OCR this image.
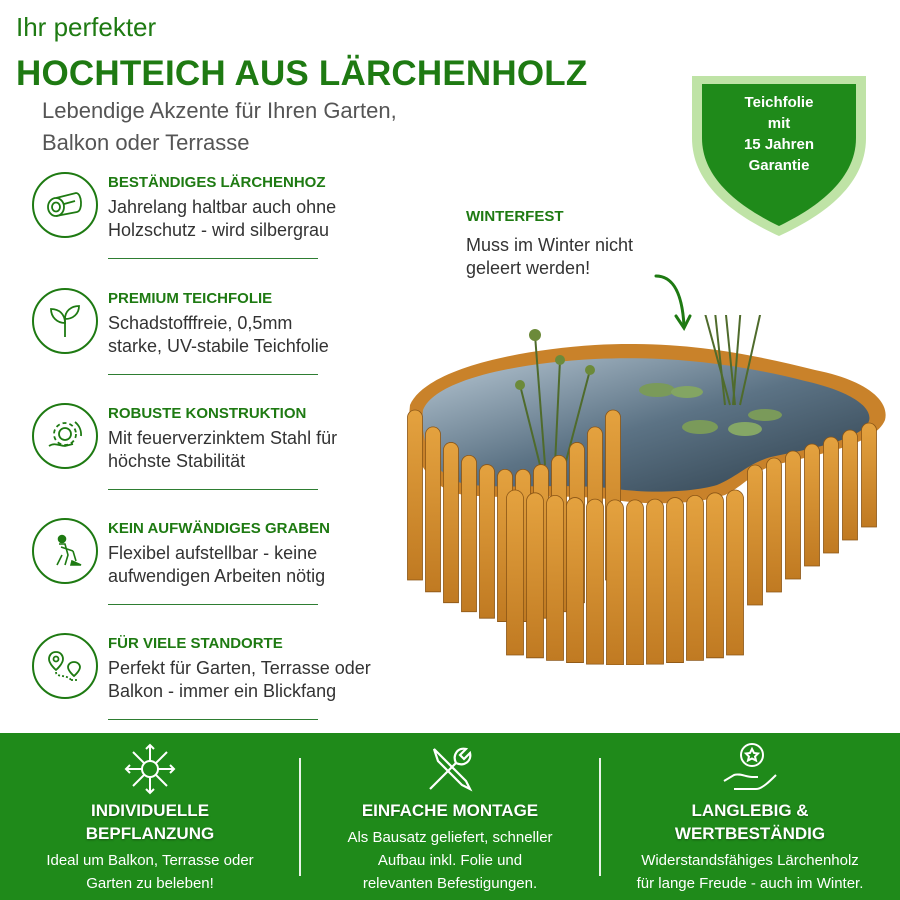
Ihr perfekter
HOCHTEICH AUS LÄRCHENHOLZ
Lebendige Akzente für Ihren Garten,
Balkon oder Terrasse
Teichfolie
mit
15 Jahren
Garantie
BESTÄNDIGES LÄRCHENHOZ
Jahrelang haltbar auch ohne
Holzschutz - wird silbergrau
PREMIUM TEICHFOLIE
Schadstofffreie, 0,5mm
starke, UV-stabile Teichfolie
ROBUSTE KONSTRUKTION
Mit feuerverzinktem Stahl für
höchste Stabilität
KEIN AUFWÄNDIGES GRABEN
Flexibel aufstellbar - keine
aufwendigen Arbeiten nötig
FÜR VIELE STANDORTE
Perfekt für Garten, Terrasse oder
Balkon - immer ein Blickfang
WINTERFEST
Muss im Winter nicht
geleert werden!
INDIVIDUELLE
BEPFLANZUNG
Ideal um Balkon, Terrasse oder
Garten zu beleben!
EINFACHE MONTAGE
Als Bausatz geliefert, schneller
Aufbau inkl. Folie und
relevanten Befestigungen.
LANGLEBIG &
WERTBESTÄNDIG
Widerstandsfähiges Lärchenholz
für lange Freude - auch im Winter.
